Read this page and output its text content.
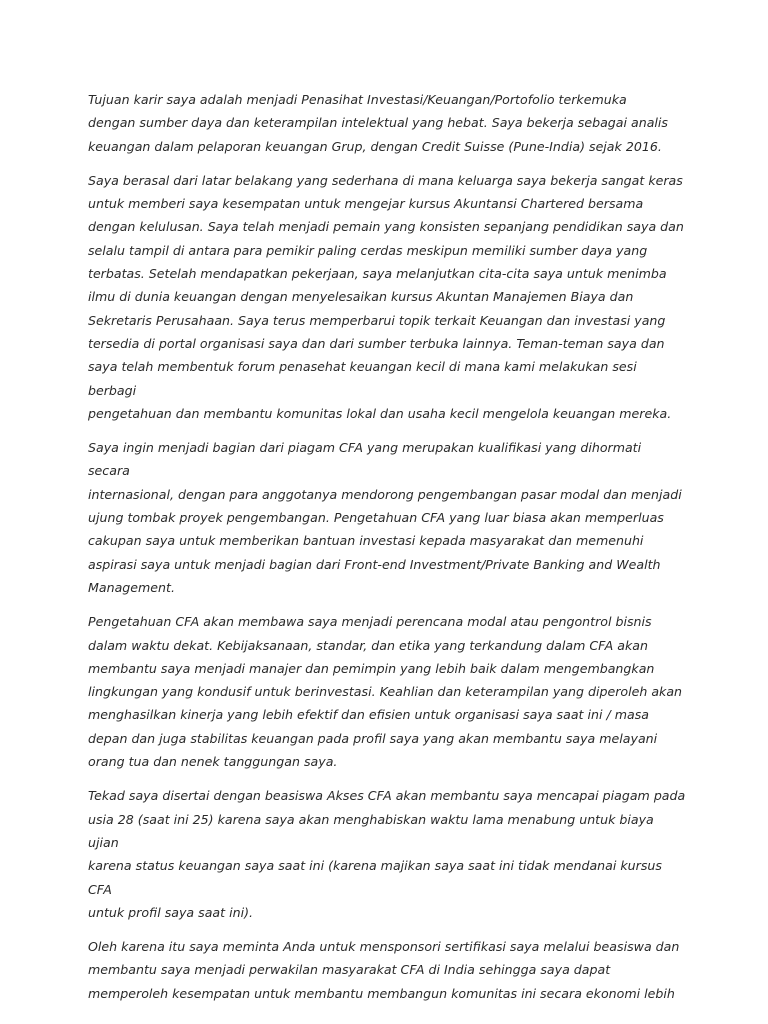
Tujuan karir saya adalah menjadi Penasihat Investasi/Keuangan/Portofolio terkemuka
dengan sumber daya dan keterampilan intelektual yang hebat. Saya bekerja sebagai analis
keuangan dalam pelaporan keuangan Grup, dengan Credit Suisse (Pune-India) sejak 2016.

Saya berasal dari latar belakang yang sederhana di mana keluarga saya bekerja sangat keras
untuk memberi saya kesempatan untuk mengejar kursus Akuntansi Chartered bersama
dengan kelulusan. Saya telah menjadi pemain yang konsisten sepanjang pendidikan saya dan
selalu tampil di antara para pemikir paling cerdas meskipun memiliki sumber daya yang
terbatas. Setelah mendapatkan pekerjaan, saya melanjutkan cita-cita saya untuk menimba
ilmu di dunia keuangan dengan menyelesaikan kursus Akuntan Manajemen Biaya dan
Sekretaris Perusahaan. Saya terus memperbarui topik terkait Keuangan dan investasi yang
tersedia di portal organisasi saya dan dari sumber terbuka lainnya. Teman-teman saya dan
saya telah membentuk forum penasehat keuangan kecil di mana kami melakukan sesi berbagi
pengetahuan dan membantu komunitas lokal dan usaha kecil mengelola keuangan mereka.

Saya ingin menjadi bagian dari piagam CFA yang merupakan kualifikasi yang dihormati secara
internasional, dengan para anggotanya mendorong pengembangan pasar modal dan menjadi
ujung tombak proyek pengembangan. Pengetahuan CFA yang luar biasa akan memperluas
cakupan saya untuk memberikan bantuan investasi kepada masyarakat dan memenuhi
aspirasi saya untuk menjadi bagian dari Front-end Investment/Private Banking and Wealth
Management.

Pengetahuan CFA akan membawa saya menjadi perencana modal atau pengontrol bisnis
dalam waktu dekat. Kebijaksanaan, standar, dan etika yang terkandung dalam CFA akan
membantu saya menjadi manajer dan pemimpin yang lebih baik dalam mengembangkan
lingkungan yang kondusif untuk berinvestasi. Keahlian dan keterampilan yang diperoleh akan
menghasilkan kinerja yang lebih efektif dan efisien untuk organisasi saya saat ini / masa
depan dan juga stabilitas keuangan pada profil saya yang akan membantu saya melayani
orang tua dan nenek tanggungan saya.

Tekad saya disertai dengan beasiswa Akses CFA akan membantu saya mencapai piagam pada
usia 28 (saat ini 25) karena saya akan menghabiskan waktu lama menabung untuk biaya ujian
karena status keuangan saya saat ini (karena majikan saya saat ini tidak mendanai kursus CFA
untuk profil saya saat ini).

Oleh karena itu saya meminta Anda untuk mensponsori sertifikasi saya melalui beasiswa dan
membantu saya menjadi perwakilan masyarakat CFA di India sehingga saya dapat
memperoleh kesempatan untuk membantu membangun komunitas ini secara ekonomi lebih
